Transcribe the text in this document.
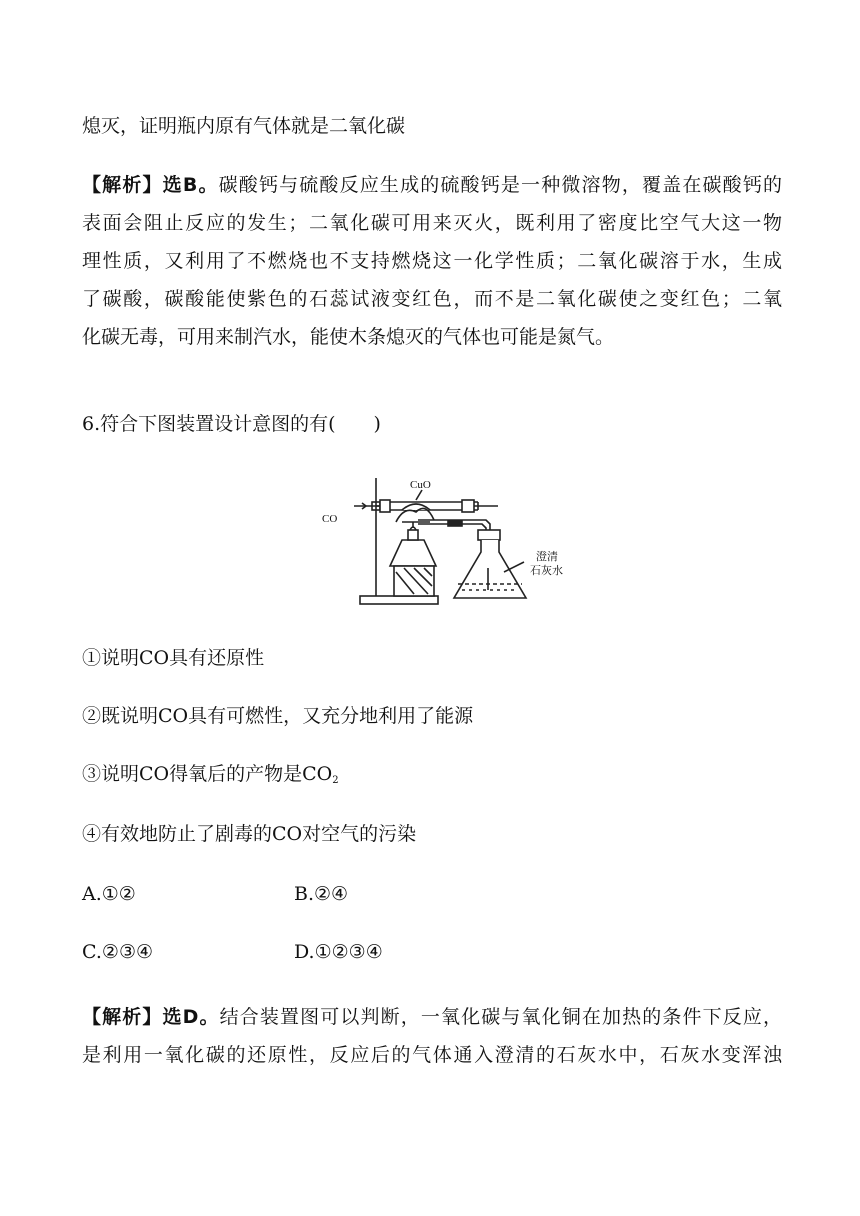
熄灭，证明瓶内原有气体就是二氧化碳
【解析】选B。碳酸钙与硫酸反应生成的硫酸钙是一种微溶物，覆盖在碳酸钙的
表面会阻止反应的发生；二氧化碳可用来灭火，既利用了密度比空气大这一物
理性质，又利用了不燃烧也不支持燃烧这一化学性质；二氧化碳溶于水，生成
了碳酸，碳酸能使紫色的石蕊试液变红色，而不是二氧化碳使之变红色；二氧
化碳无毒，可用来制汽水，能使木条熄灭的气体也可能是氮气。
6.符合下图装置设计意图的有(　　)
CuO
CO
澄清
石灰水
①说明CO具有还原性
②既说明CO具有可燃性，又充分地利用了能源
③说明CO得氧后的产物是$CO_2$
④有效地防止了剧毒的CO对空气的污染
A.①②	B.②④
C.②③④	D.①②③④
【解析】选D。结合装置图可以判断，一氧化碳与氧化铜在加热的条件下反应，
是利用一氧化碳的还原性，反应后的气体通入澄清的石灰水中，石灰水变浑浊
